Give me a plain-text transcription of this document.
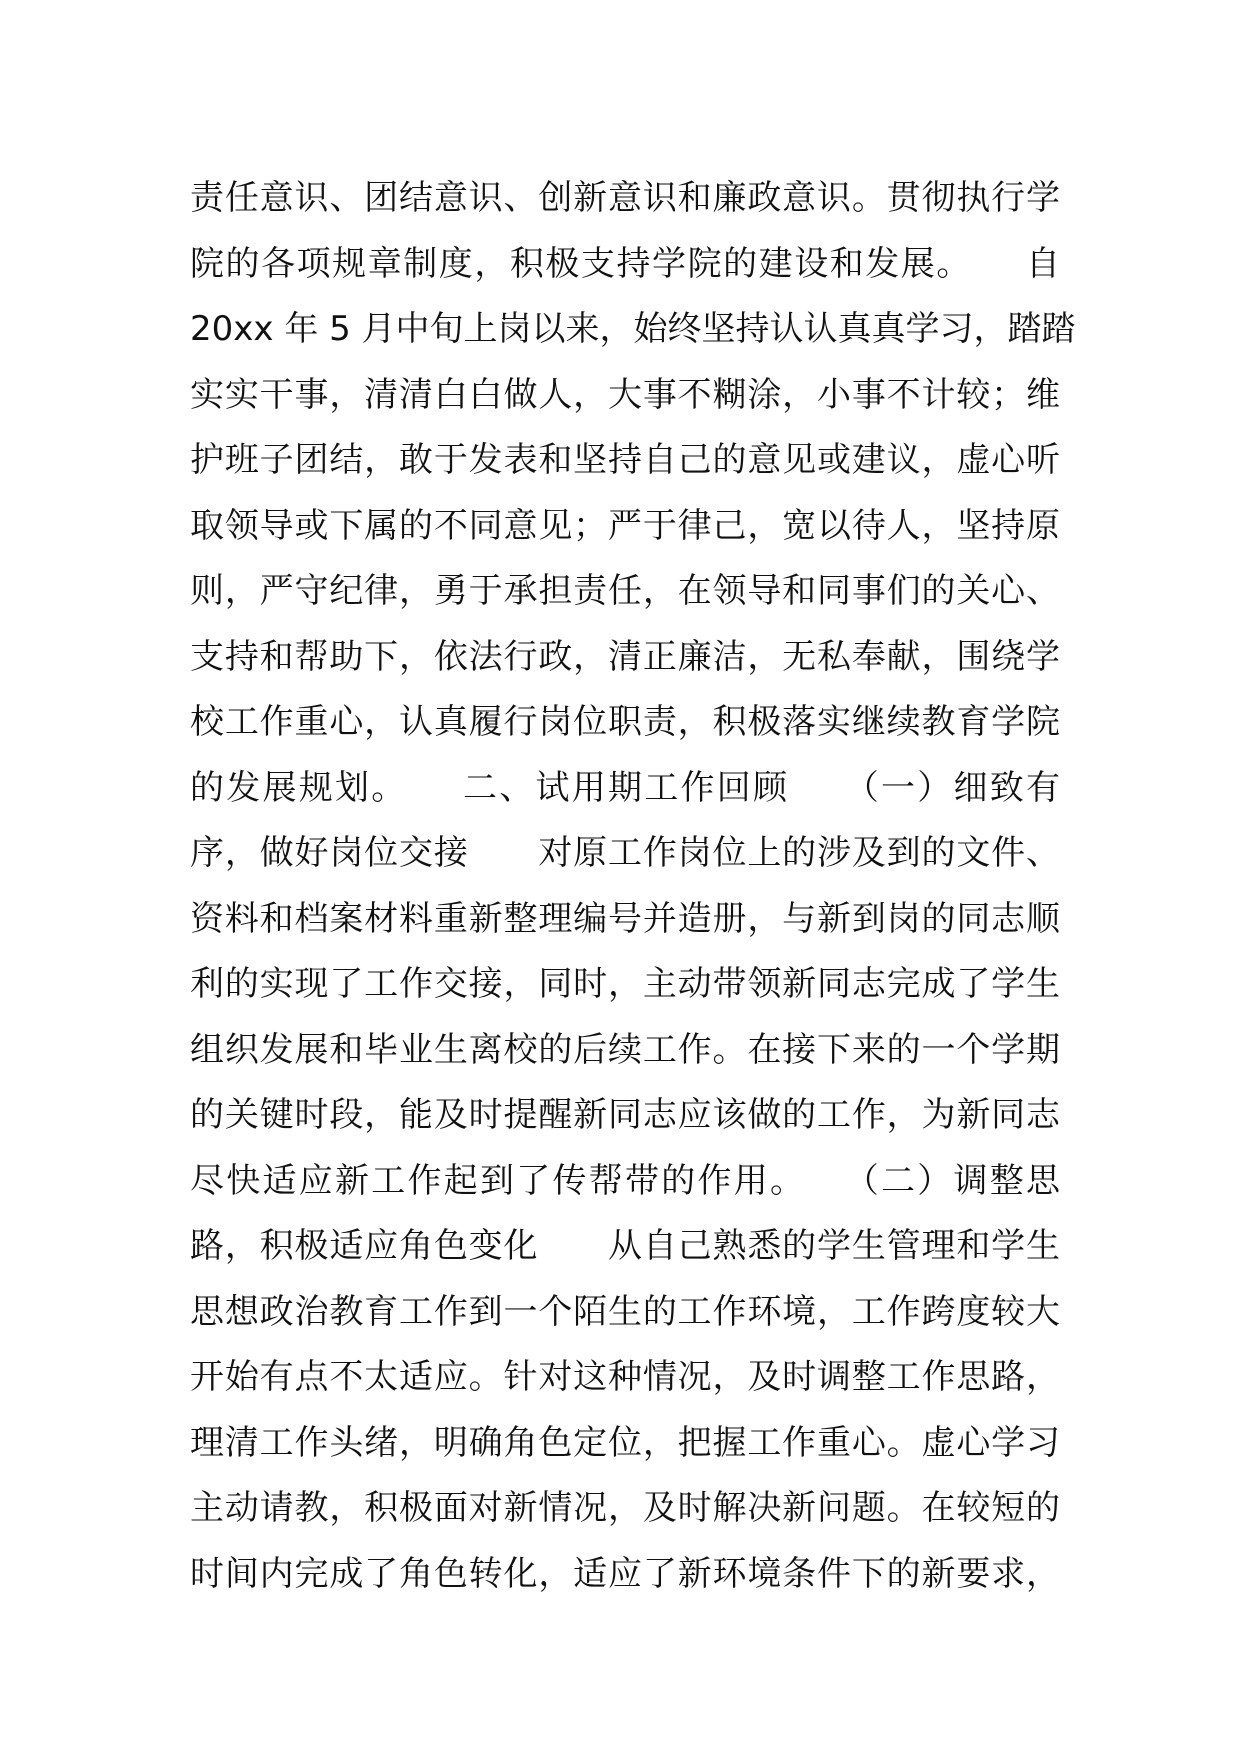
责任意识、团结意识、创新意识和廉政意识。贯彻执行学
院的各项规章制度，积极支持学院的建设和发展。　　自
20xx 年 5 月中旬上岗以来，始终坚持认认真真学习，踏踏
实实干事，清清白白做人，大事不糊涂，小事不计较；维
护班子团结，敢于发表和坚持自己的意见或建议，虚心听
取领导或下属的不同意见；严于律己，宽以待人，坚持原
则，严守纪律，勇于承担责任，在领导和同事们的关心、
支持和帮助下，依法行政，清正廉洁，无私奉献，围绕学
校工作重心，认真履行岗位职责，积极落实继续教育学院
的发展规划。　　二、试用期工作回顾　　（一）细致有
序，做好岗位交接　　对原工作岗位上的涉及到的文件、
资料和档案材料重新整理编号并造册，与新到岗的同志顺
利的实现了工作交接，同时，主动带领新同志完成了学生
组织发展和毕业生离校的后续工作。在接下来的一个学期
的关键时段，能及时提醒新同志应该做的工作，为新同志
尽快适应新工作起到了传帮带的作用。　　（二）调整思
路，积极适应角色变化　　从自己熟悉的学生管理和学生
思想政治教育工作到一个陌生的工作环境，工作跨度较大
开始有点不太适应。针对这种情况，及时调整工作思路，
理清工作头绪，明确角色定位，把握工作重心。虚心学习
主动请教，积极面对新情况，及时解决新问题。在较短的
时间内完成了角色转化，适应了新环境条件下的新要求，
